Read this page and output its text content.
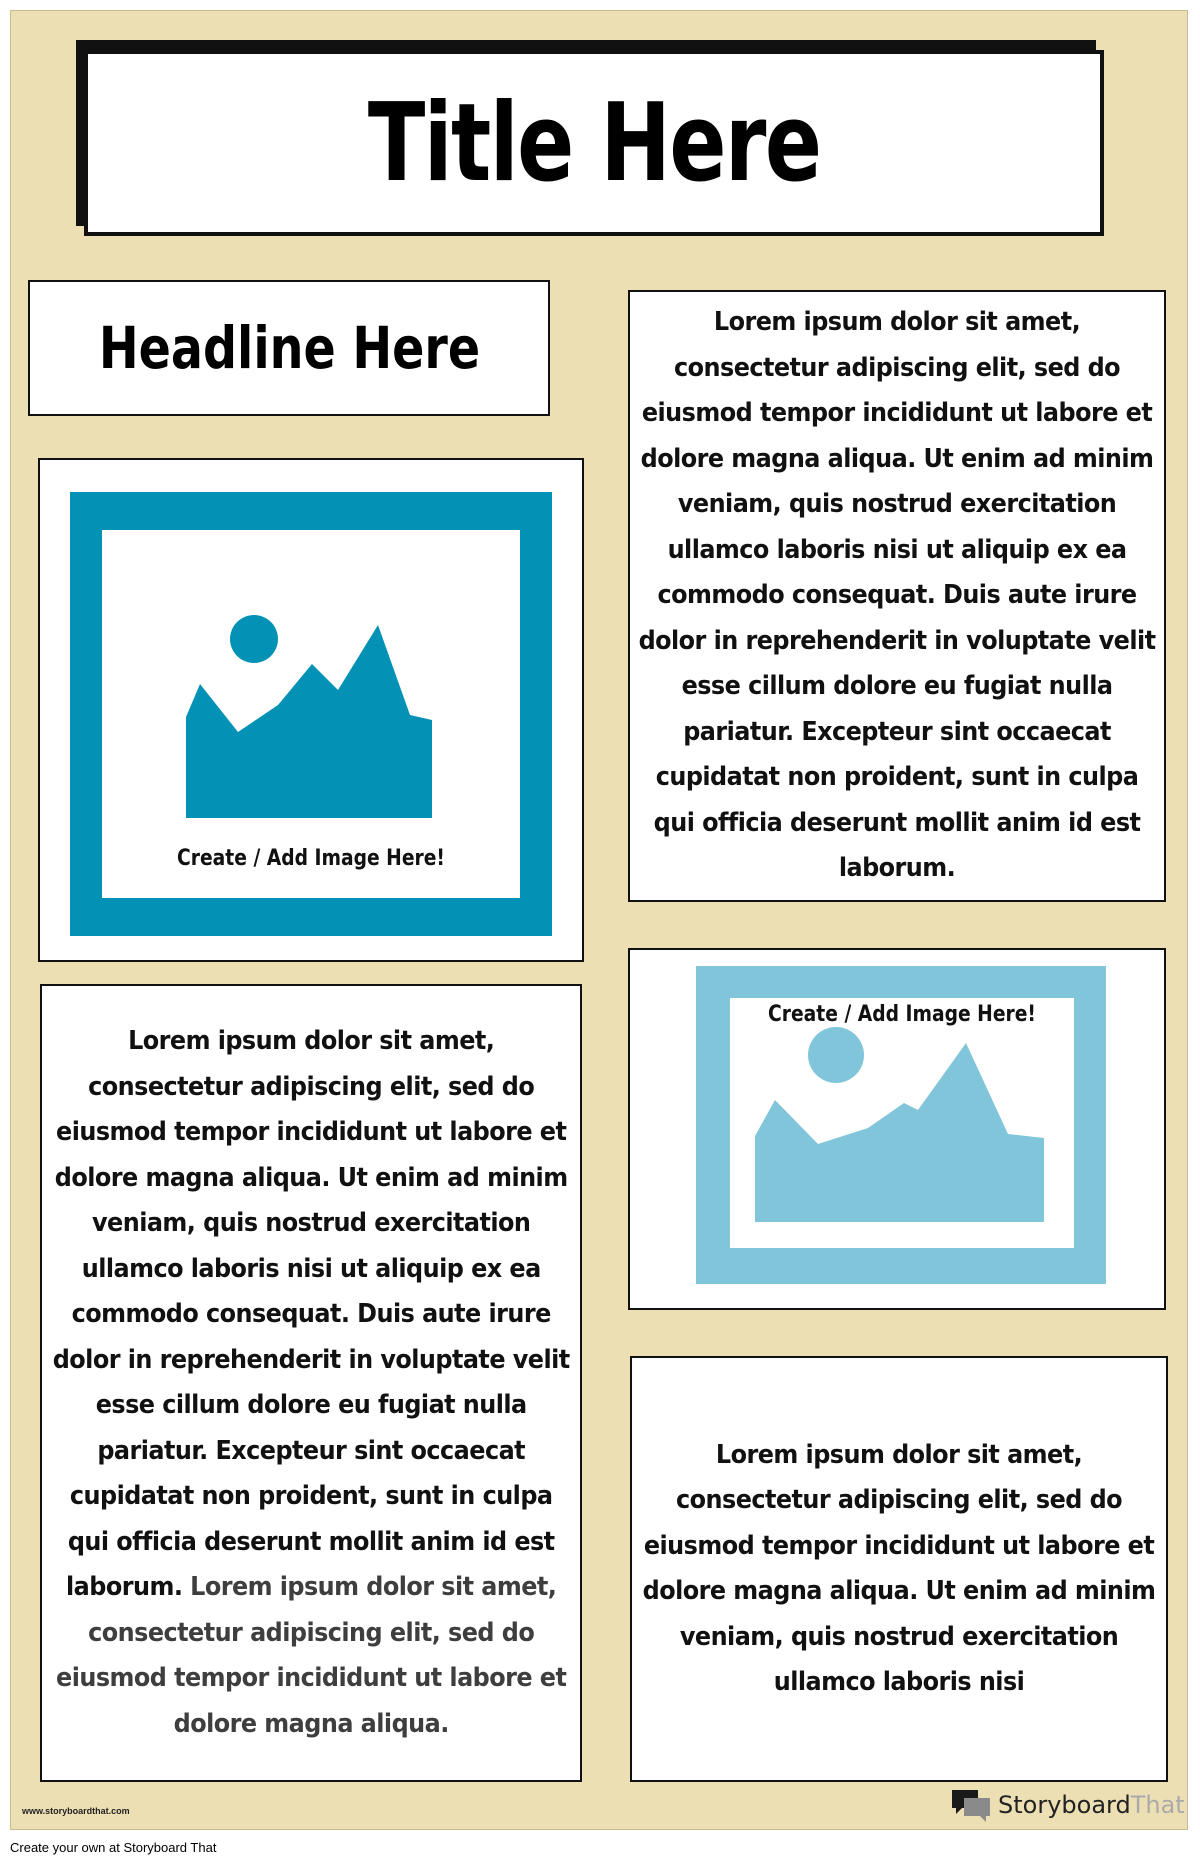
Title Here
Headline Here	Lorem ipsum dolor sit amet, consectetur adipiscing elit, sed do eiusmod tempor incididunt ut labore et dolore magna aliqua. Ut enim ad minim veniam, quis nostrud exercitation ullamco laboris nisi ut aliquip ex ea commodo consequat. Duis aute irure dolor in reprehenderit in voluptate velit esse cillum dolore eu fugiat nulla pariatur. Excepteur sint occaecat cupidatat non proident, sunt in culpa qui officia deserunt mollit anim id est laborum.
Create / Add Image Here!
Create / Add Image Here!
Lorem ipsum dolor sit amet, consectetur adipiscing elit, sed do eiusmod tempor incididunt ut labore et dolore magna aliqua. Ut enim ad minim veniam, quis nostrud exercitation ullamco laboris nisi ut aliquip ex ea commodo consequat. Duis aute irure dolor in reprehenderit in voluptate velit esse cillum dolore eu fugiat nulla pariatur. Excepteur sint occaecat cupidatat non proident, sunt in culpa qui officia deserunt mollit anim id est laborum. Lorem ipsum dolor sit amet, consectetur adipiscing elit, sed do eiusmod tempor incididunt ut labore et dolore magna aliqua.
Lorem ipsum dolor sit amet, consectetur adipiscing elit, sed do eiusmod tempor incididunt ut labore et dolore magna aliqua. Ut enim ad minim veniam, quis nostrud exercitation ullamco laboris nisi
www.storyboardthat.com	StoryboardThat
Create your own at Storyboard That
